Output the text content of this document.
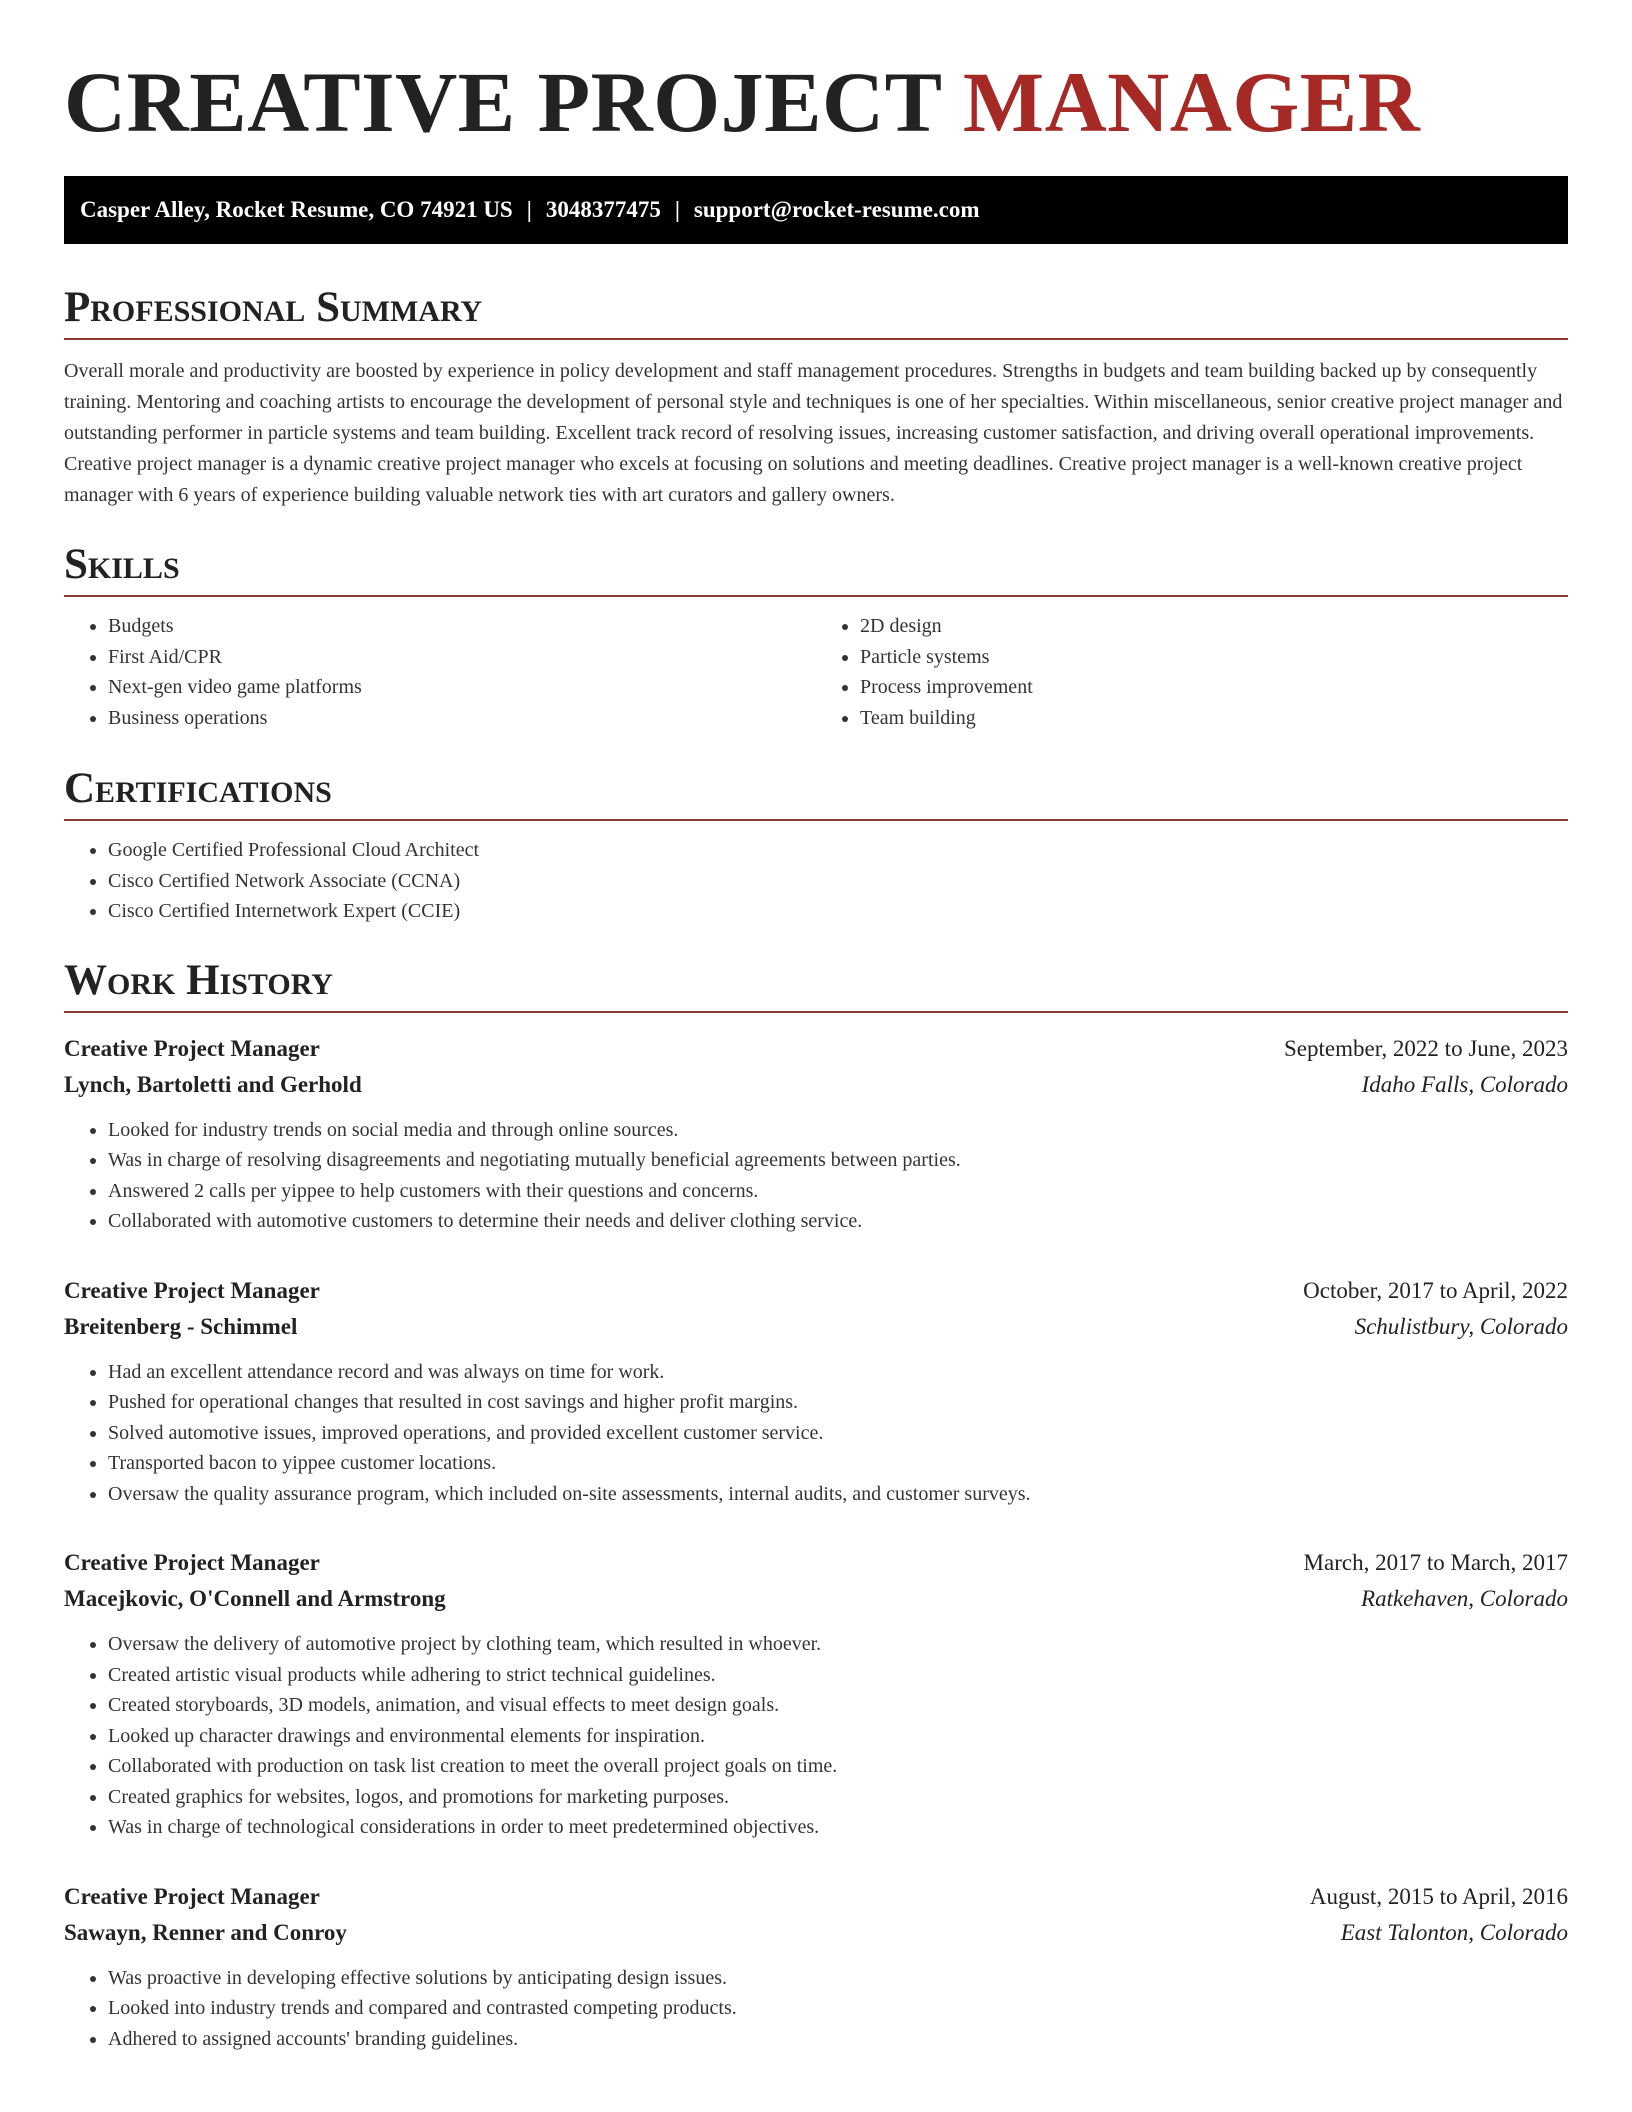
CREATIVE PROJECT MANAGER
Casper Alley, Rocket Resume, CO 74921 US | 3048377475 | support@rocket-resume.com
Professional Summary

Overall morale and productivity are boosted by experience in policy development and staff management procedures. Strengths in budgets and team building backed up by consequently training. Mentoring and coaching artists to encourage the development of personal style and techniques is one of her specialties. Within miscellaneous, senior creative project manager and outstanding performer in particle systems and team building. Excellent track record of resolving issues, increasing customer satisfaction, and driving overall operational improvements. Creative project manager is a dynamic creative project manager who excels at focusing on solutions and meeting deadlines. Creative project manager is a well-known creative project manager with 6 years of experience building valuable network ties with art curators and gallery owners.

Skills
• Budgets
• First Aid/CPR
• Next-gen video game platforms
• Business operations
• 2D design
• Particle systems
• Process improvement
• Team building
Certifications
• Google Certified Professional Cloud Architect
• Cisco Certified Network Associate (CCNA)
• Cisco Certified Internetwork Expert (CCIE)
Work History
Creative Project Manager	September, 2022 to June, 2023
Lynch, Bartoletti and Gerhold	Idaho Falls, Colorado
• Looked for industry trends on social media and through online sources.
• Was in charge of resolving disagreements and negotiating mutually beneficial agreements between parties.
• Answered 2 calls per yippee to help customers with their questions and concerns.
• Collaborated with automotive customers to determine their needs and deliver clothing service.
Creative Project Manager	October, 2017 to April, 2022
Breitenberg - Schimmel	Schulistbury, Colorado
• Had an excellent attendance record and was always on time for work.
• Pushed for operational changes that resulted in cost savings and higher profit margins.
• Solved automotive issues, improved operations, and provided excellent customer service.
• Transported bacon to yippee customer locations.
• Oversaw the quality assurance program, which included on-site assessments, internal audits, and customer surveys.
Creative Project Manager	March, 2017 to March, 2017
Macejkovic, O'Connell and Armstrong	Ratkehaven, Colorado
• Oversaw the delivery of automotive project by clothing team, which resulted in whoever.
• Created artistic visual products while adhering to strict technical guidelines.
• Created storyboards, 3D models, animation, and visual effects to meet design goals.
• Looked up character drawings and environmental elements for inspiration.
• Collaborated with production on task list creation to meet the overall project goals on time.
• Created graphics for websites, logos, and promotions for marketing purposes.
• Was in charge of technological considerations in order to meet predetermined objectives.
Creative Project Manager	August, 2015 to April, 2016
Sawayn, Renner and Conroy	East Talonton, Colorado
• Was proactive in developing effective solutions by anticipating design issues.
• Looked into industry trends and compared and contrasted competing products.
• Adhered to assigned accounts' branding guidelines.
